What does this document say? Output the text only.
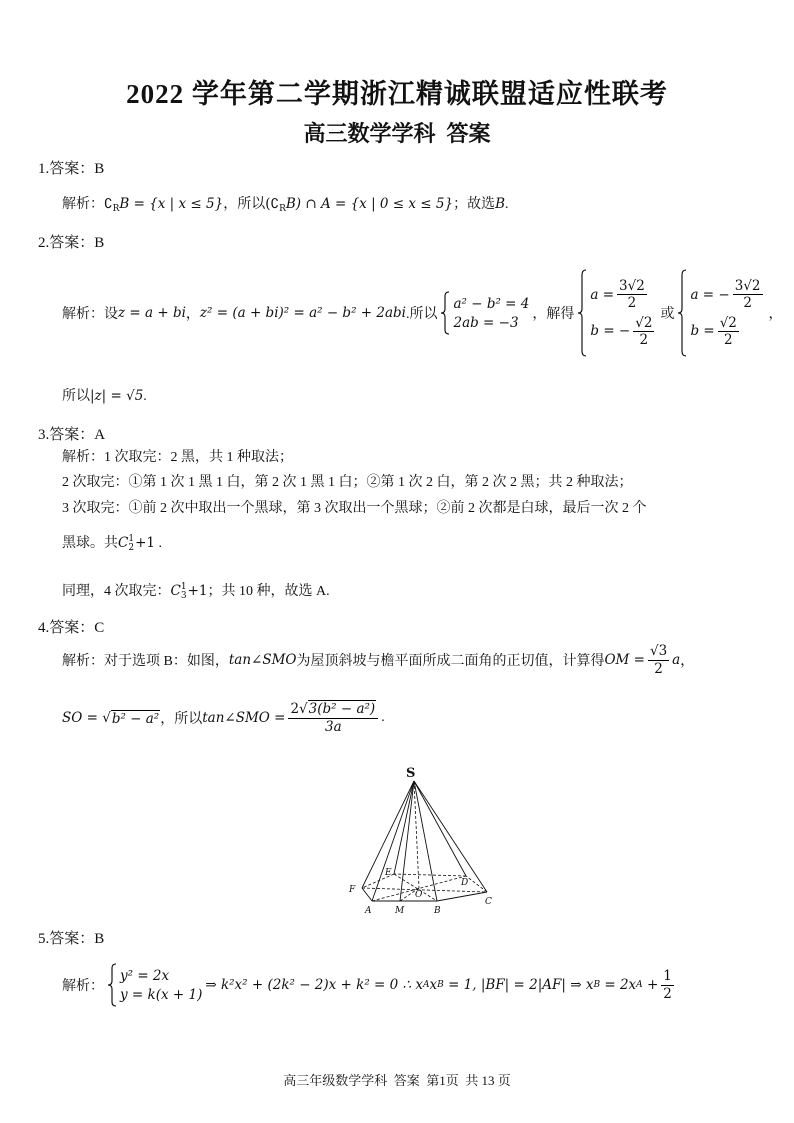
2022 学年第二学期浙江精诚联盟适应性联考
高三数学学科  答案
1.答案：B
解析：$∁_RB = \{x$ | x ≤ 5}，所以$(∁_RB)$ ∩ A = {x | 0 ≤ x ≤ 5}；故选B.
2.答案：B
解析：设 z = a + bi ， z² = (a + bi)² = a² − b² + 2abi .所以
a² − b² = 4
2ab = −3 ，解得
$a = \frac{3√2}{2}$
b = − $\frac{√2}{2}$ 或
a = − $\frac{3√2}{2}$
$b = \frac{√2}{2}$ ，
所以|z| = √5.
3.答案：A
解析：1 次取完：2 黑，共 1 种取法；
2 次取完：①第 1 次 1 黑 1 白，第 2 次 1 黑 1 白；②第 1 次 2 白，第 2 次 2 黑；共 2 种取法；
3 次取完：①前 2 次中取出一个黑球，第 3 次取出一个黑球；②前 2 次都是白球，最后一次 2 个
黑球。共C 1
2 +1 .
同理，4 次取完：C 1
3 +1；共 10 种，故选 A.
4.答案：C
解析：对于选项 B：如图， tan∠SMO 为屋顶斜坡与檐平面所成二面角的正切值，计算得 OM = $\frac{√3}{2}$ a ，
SO = √ b² − a² ，所以 tan∠SMO = $\frac{\text{2√3(b² − a²)}}{3a}$ .
S
E
D
F	O
C
A	M	B
5.答案：B
解析：
y² = 2x
y = k(x + 1)
⇒ k²x² + (2k² − 2)x + k² = 0 ∴ x A x B = 1, |BF| = 2|AF| ⇒ x B = 2x $A + \frac{1}{2}$
高三年级数学学科  答案  第1页  共 13 页
